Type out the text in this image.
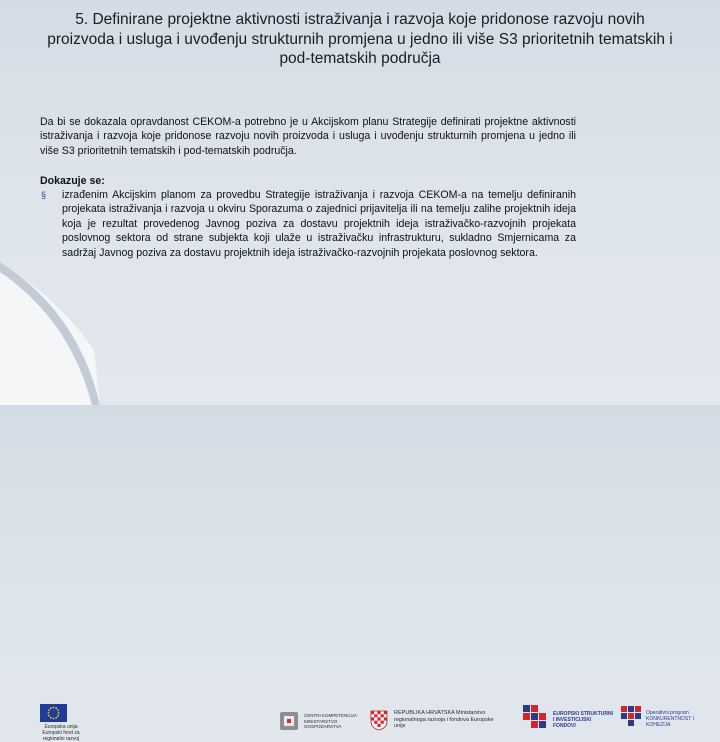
5. Definirane projektne aktivnosti istraživanja i razvoja koje pridonose razvoju novih proizvoda i usluga i uvođenju strukturnih promjena u jedno ili više S3 prioritetnih tematskih i pod-tematskih područja
Da bi se dokazala opravdanost CEKOM-a potrebno je u Akcijskom planu Strategije definirati projektne aktivnosti istraživanja i razvoja koje pridonose razvoju novih proizvoda i usluga i uvođenju strukturnih promjena u jedno ili više S3 prioritetnih tematskih i pod-tematskih područja.
Dokazuje se:
§ izrađenim Akcijskim planom za provedbu Strategije istraživanja i razvoja CEKOM-a na temelju definiranih projekata istraživanja i razvoja u okviru Sporazuma o zajednici prijavitelja ili na temelju zalihe projektnih ideja koja je rezultat provedenog Javnog poziva za dostavu projektnih ideja istraživačko-razvojnih projekata poslovnog sektora od strane subjekta koji ulaže u istraživačku infrastrukturu, sukladno Smjernicama za sadržaj Javnog poziva za dostavu projektnih ideja istraživačko-razvojnih projekata poslovnog sektora.
Europska unija Europski fond za regionalni razvoj
CENTRI KOMPETENCIJA MINISTARSTVO GOSPODARSTVA
REPUBLIKA HRVATSKA Ministarstvo regionalnoga razvoja i fondova Europske unije
EUROPSKI STRUKTURNI I INVESTICIJSKI FONDOVI
Operativni program KONKURENTNOST I KOHEZIJA
